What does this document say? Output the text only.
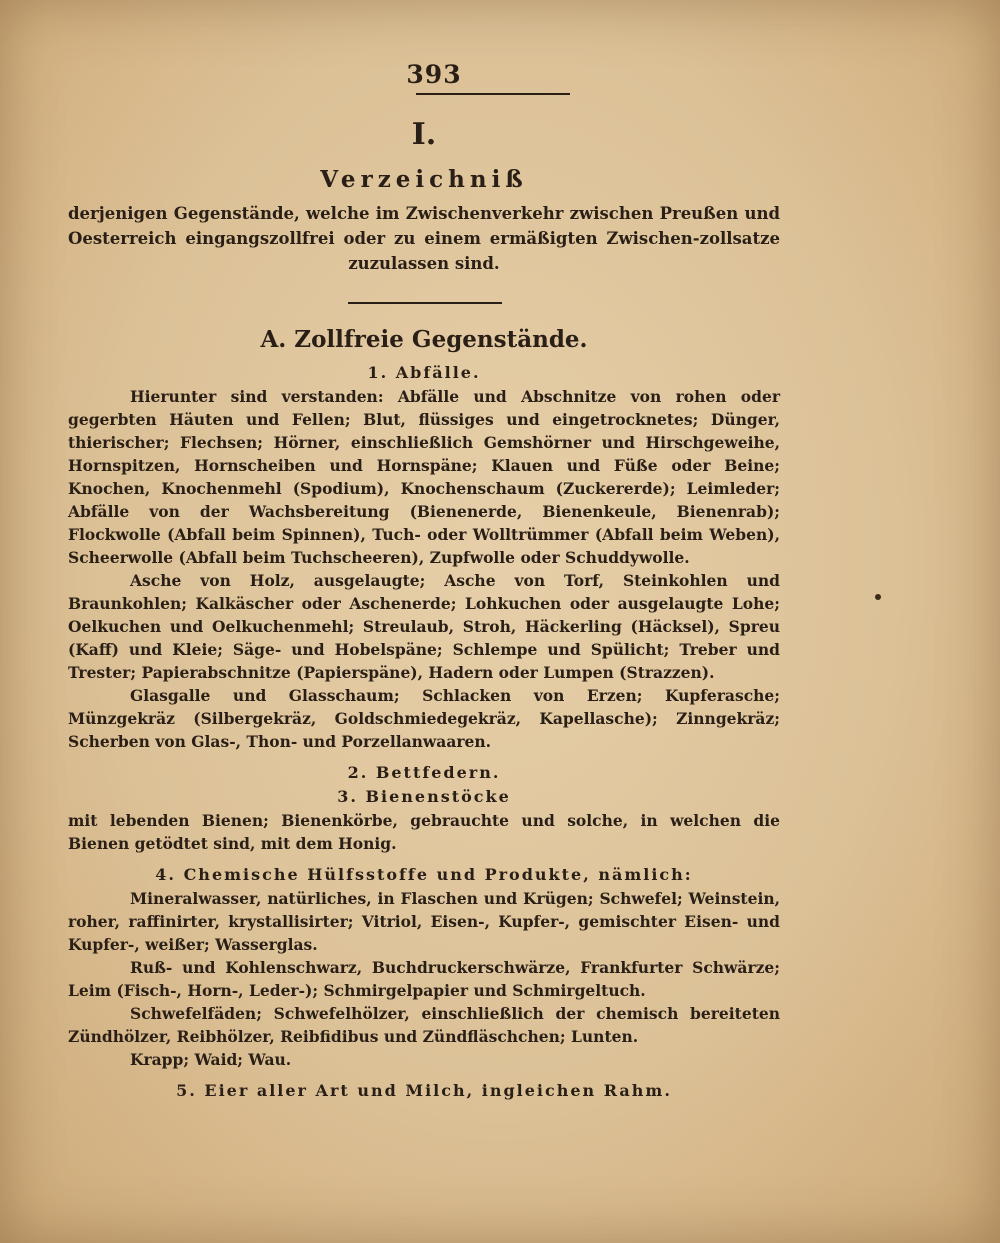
393
I.
Verzeichniß
derjenigen Gegenstände, welche im Zwischenverkehr zwischen Preußen und Oesterreich eingangszollfrei oder zu einem ermäßigten Zwischen-zollsatze zuzulassen sind.
A. Zollfreie Gegenstände.
1. Abfälle.

Hierunter sind verstanden: Abfälle und Abschnitze von rohen oder gegerbten Häuten und Fellen; Blut, flüssiges und eingetrocknetes; Dünger, thierischer; Flechsen; Hörner, einschließlich Gemshörner und Hirschgeweihe, Hornspitzen, Hornscheiben und Hornspäne; Klauen und Füße oder Beine; Knochen, Knochenmehl (Spodium), Knochenschaum (Zuckererde); Leimleder; Abfälle von der Wachsbereitung (Bienenerde, Bienenkeule, Bienenrab); Flockwolle (Abfall beim Spinnen), Tuch- oder Wolltrümmer (Abfall beim Weben), Scheerwolle (Abfall beim Tuchscheeren), Zupfwolle oder Schuddywolle.

Asche von Holz, ausgelaugte; Asche von Torf, Steinkohlen und Braunkohlen; Kalkäscher oder Aschenerde; Lohkuchen oder ausgelaugte Lohe; Oelkuchen und Oelkuchenmehl; Streulaub, Stroh, Häckerling (Häcksel), Spreu (Kaff) und Kleie; Säge- und Hobelspäne; Schlempe und Spülicht; Treber und Trester; Papierabschnitze (Papierspäne), Hadern oder Lumpen (Strazzen).

Glasgalle und Glasschaum; Schlacken von Erzen; Kupferasche; Münzgekräz (Silbergekräz, Goldschmiedegekräz, Kapellasche); Zinngekräz; Scherben von Glas-, Thon- und Porzellanwaaren.

2. Bettfedern.
3. Bienenstöcke

mit lebenden Bienen; Bienenkörbe, gebrauchte und solche, in welchen die Bienen getödtet sind, mit dem Honig.

4. Chemische Hülfsstoffe und Produkte, nämlich:

Mineralwasser, natürliches, in Flaschen und Krügen; Schwefel; Weinstein, roher, raffinirter, krystallisirter; Vitriol, Eisen-, Kupfer-, gemischter Eisen- und Kupfer-, weißer; Wasserglas.

Ruß- und Kohlenschwarz, Buchdruckerschwärze, Frankfurter Schwärze; Leim (Fisch-, Horn-, Leder-); Schmirgelpapier und Schmirgeltuch.

Schwefelfäden; Schwefelhölzer, einschließlich der chemisch bereiteten Zündhölzer, Reibhölzer, Reibfidibus und Zündfläschchen; Lunten.

Krapp; Waid; Wau.

5. Eier aller Art und Milch, ingleichen Rahm.
